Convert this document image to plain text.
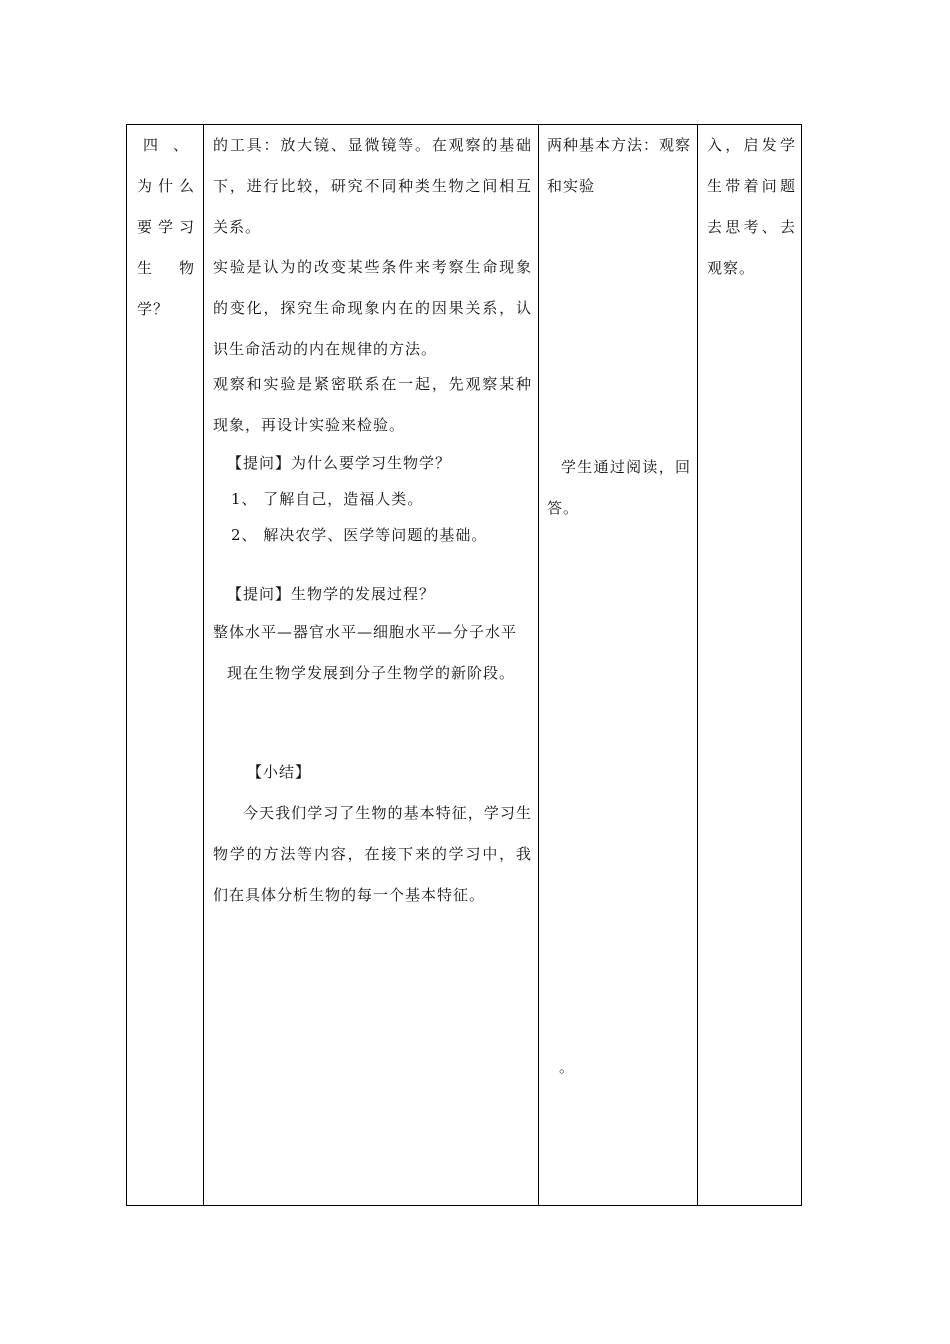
四、
为什么
要学习
生物
学？

的工具：放大镜、显微镜等。在观察的基础下，进行比较，研究不同种类生物之间相互关系。

实验是认为的改变某些条件来考察生命现象的变化，探究生命现象内在的因果关系，认识生命活动的内在规律的方法。

观察和实验是紧密联系在一起，先观察某种现象，再设计实验来检验。

【提问】为什么要学习生物学？

1、 了解自己，造福人类。

2、 解决农学、医学等问题的基础。

【提问】生物学的发展过程？

整体水平—器官水平—细胞水平—分子水平

现在生物学发展到分子生物学的新阶段。

【小结】

今天我们学习了生物的基本特征，学习生物学的方法等内容，在接下来的学习中，我们在具体分析生物的每一个基本特征。

两种基本方法：观察和实验

学生通过阅读，回答。

。

入，启发学生带着问题去思考、去观察。
